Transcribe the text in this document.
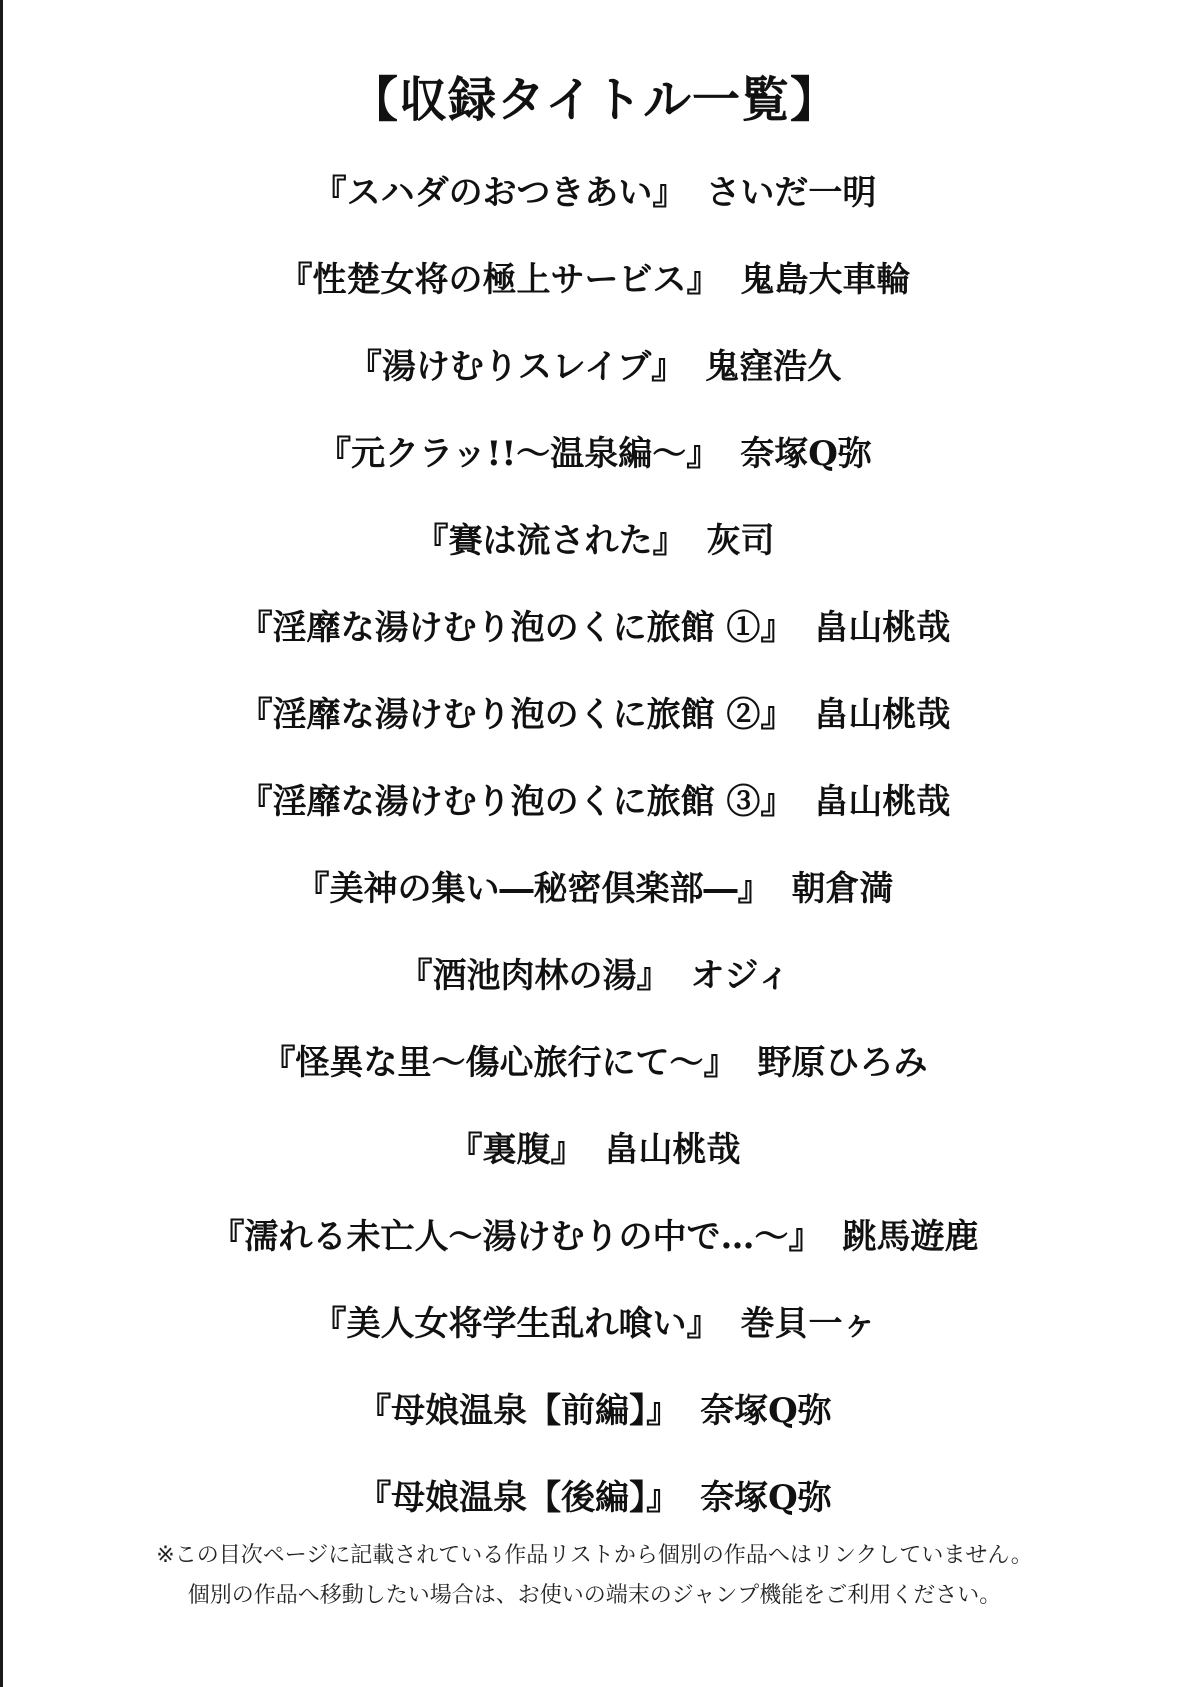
【収録タイトル一覧】
『スハダのおつきあい』 さいだ一明
『性楚女将の極上サービス』 鬼島大車輪
『湯けむりスレイブ』 鬼窪浩久
『元クラッ!!～温泉編～』 奈塚Q弥
『賽は流された』 灰司
『淫靡な湯けむり泡のくに旅館 ①』 畠山桃哉
『淫靡な湯けむり泡のくに旅館 ②』 畠山桃哉
『淫靡な湯けむり泡のくに旅館 ③』 畠山桃哉
『美神の集い―秘密倶楽部―』 朝倉満
『酒池肉林の湯』 オジィ
『怪異な里～傷心旅行にて～』 野原ひろみ
『裏腹』 畠山桃哉
『濡れる未亡人～湯けむりの中で…～』 跳馬遊鹿
『美人女将学生乱れ喰い』 巻貝一ヶ
『母娘温泉【前編】』 奈塚Q弥
『母娘温泉【後編】』 奈塚Q弥
※この目次ページに記載されている作品リストから個別の作品へはリンクしていません。
個別の作品へ移動したい場合は、お使いの端末のジャンプ機能をご利用ください。
